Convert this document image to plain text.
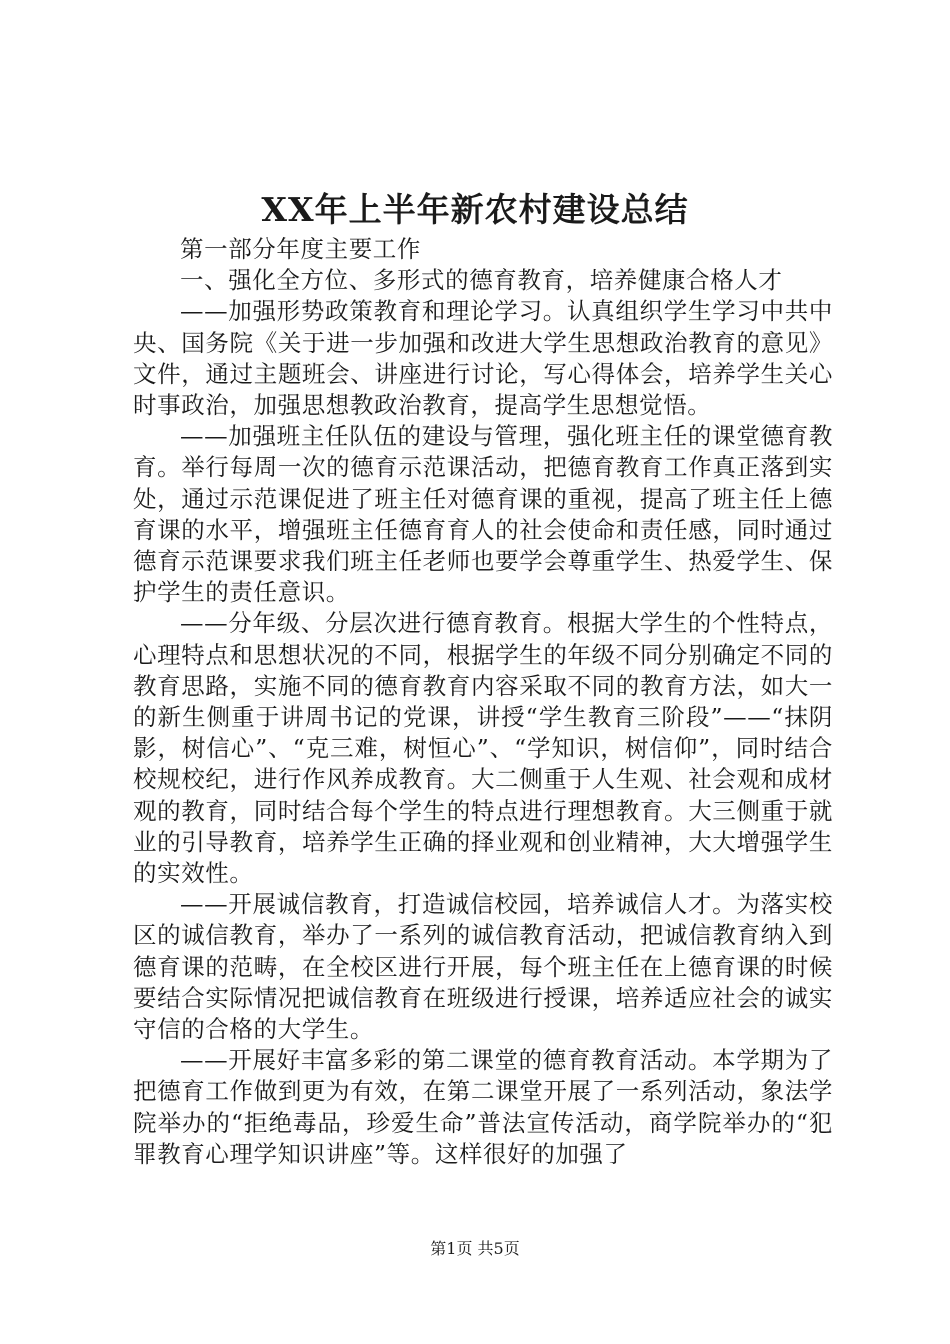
XX年上半年新农村建设总结

第一部分年度主要工作

一、强化全方位、多形式的德育教育，培养健康合格人才

——加强形势政策教育和理论学习。认真组织学生学习中共中央、国务院《关于进一步加强和改进大学生思想政治教育的意见》文件，通过主题班会、讲座进行讨论，写心得体会，培养学生关心时事政治，加强思想教政治教育，提高学生思想觉悟。

——加强班主任队伍的建设与管理，强化班主任的课堂德育教育。举行每周一次的德育示范课活动，把德育教育工作真正落到实处，通过示范课促进了班主任对德育课的重视，提高了班主任上德育课的水平，增强班主任德育育人的社会使命和责任感，同时通过德育示范课要求我们班主任老师也要学会尊重学生、热爱学生、保护学生的责任意识。

——分年级、分层次进行德育教育。根据大学生的个性特点，心理特点和思想状况的不同，根据学生的年级不同分别确定不同的教育思路，实施不同的德育教育内容采取不同的教育方法，如大一的新生侧重于讲周书记的党课，讲授“学生教育三阶段”——“抹阴影，树信心”、“克三难，树恒心”、“学知识，树信仰”，同时结合校规校纪，进行作风养成教育。大二侧重于人生观、社会观和成材观的教育，同时结合每个学生的特点进行理想教育。大三侧重于就业的引导教育，培养学生正确的择业观和创业精神，大大增强学生的实效性。

——开展诚信教育，打造诚信校园，培养诚信人才。为落实校区的诚信教育，举办了一系列的诚信教育活动，把诚信教育纳入到德育课的范畴，在全校区进行开展，每个班主任在上德育课的时候要结合实际情况把诚信教育在班级进行授课，培养适应社会的诚实守信的合格的大学生。

——开展好丰富多彩的第二课堂的德育教育活动。本学期为了把德育工作做到更为有效，在第二课堂开展了一系列活动，象法学院举办的“拒绝毒品，珍爱生命”普法宣传活动，商学院举办的“犯罪教育心理学知识讲座”等。这样很好的加强了

第1页 共5页
